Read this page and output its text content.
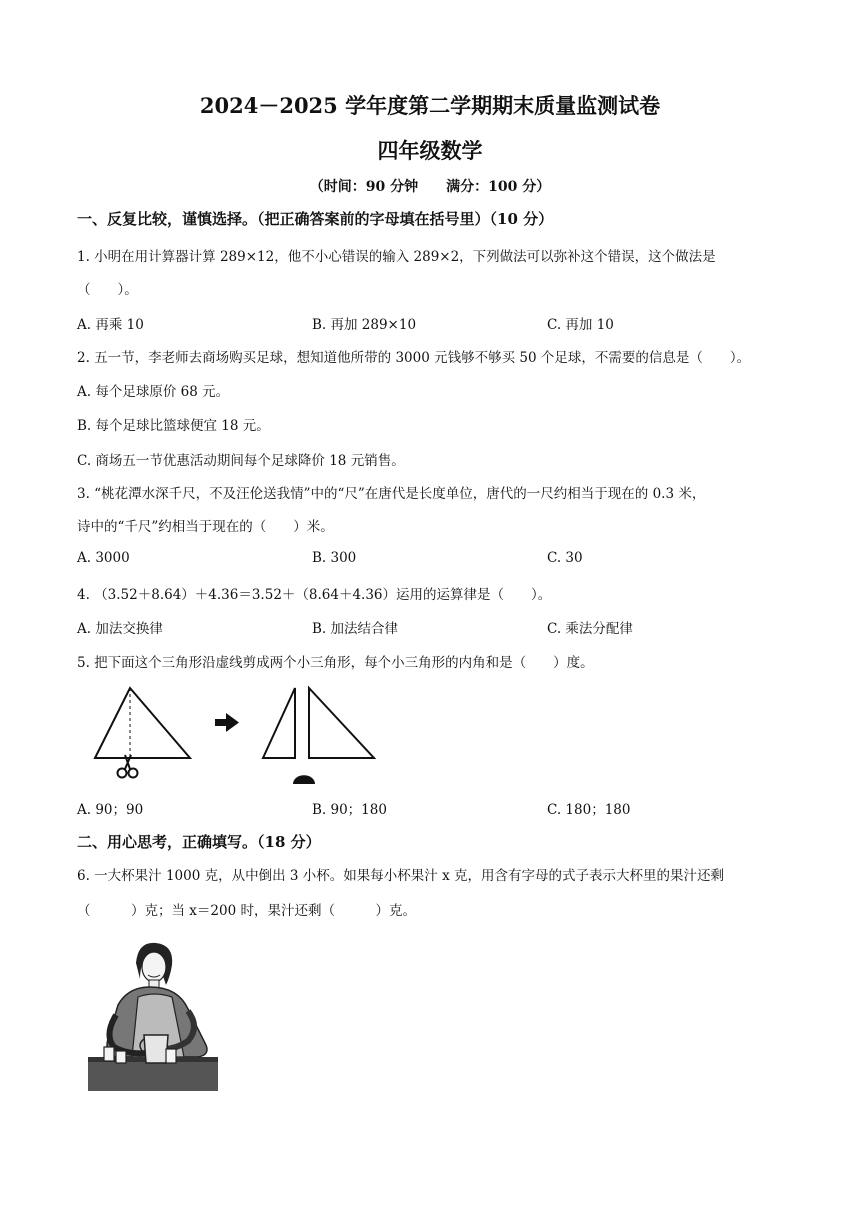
2024－2025 学年度第二学期期末质量监测试卷
四年级数学
（时间：90 分钟　　满分：100 分）
一、反复比较，谨慎选择。（把正确答案前的字母填在括号里）（10 分）
1. 小明在用计算器计算 289×12，他不小心错误的输入 289×2，下列做法可以弥补这个错误，这个做法是
（　　）。
A. 再乘 10	B. 再加 289×10	C. 再加 10
2. 五一节，李老师去商场购买足球，想知道他所带的 3000 元钱够不够买 50 个足球，不需要的信息是（　　）。
A. 每个足球原价 68 元。
B. 每个足球比篮球便宜 18 元。
C. 商场五一节优惠活动期间每个足球降价 18 元销售。
3. “桃花潭水深千尺，不及汪伦送我情”中的“尺”在唐代是长度单位，唐代的一尺约相当于现在的 0.3 米，
诗中的“千尺”约相当于现在的（　　）米。
A. 3000	B. 300	C. 30
4. （3.52＋8.64）＋4.36＝3.52＋（8.64＋4.36）运用的运算律是（　　）。
A. 加法交换律	B. 加法结合律	C. 乘法分配律
5. 把下面这个三角形沿虚线剪成两个小三角形，每个小三角形的内角和是（　　）度。
A. 90；90	B. 90；180	C. 180；180
二、用心思考，正确填写。（18 分）
6. 一大杯果汁 1000 克，从中倒出 3 小杯。如果每小杯果汁 x 克，用含有字母的式子表示大杯里的果汁还剩
（　　　）克；当 x＝200 时，果汁还剩（　　　）克。
